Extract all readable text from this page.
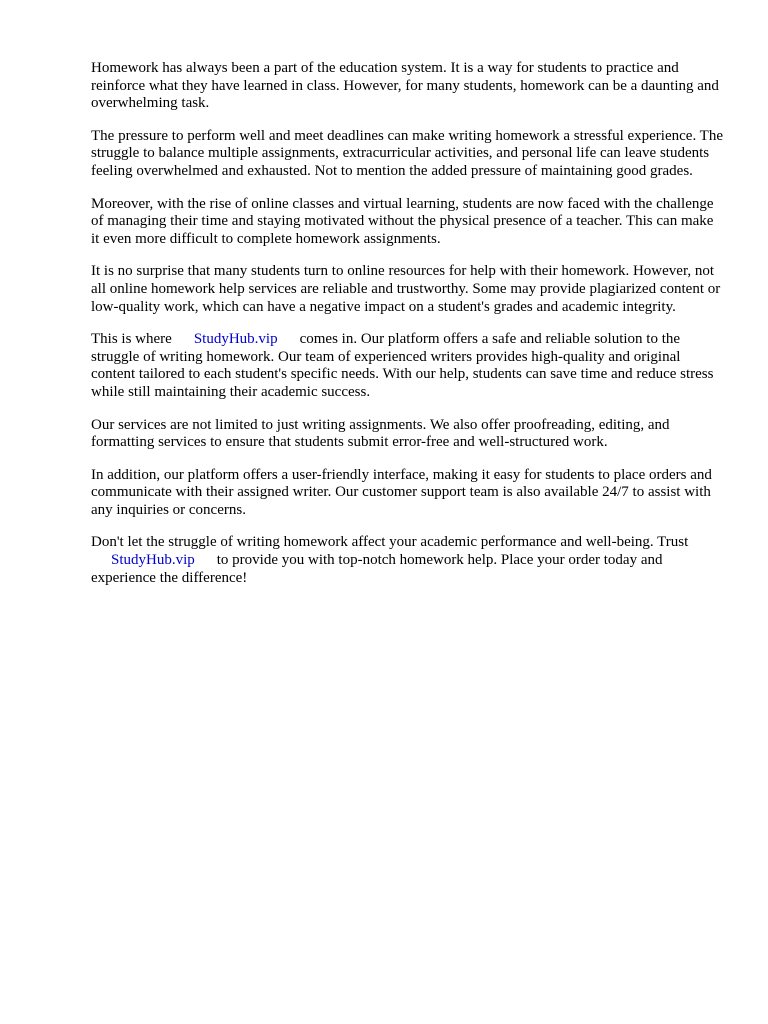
Homework has always been a part of the education system. It is a way for students to practice and reinforce what they have learned in class. However, for many students, homework can be a daunting and overwhelming task.

The pressure to perform well and meet deadlines can make writing homework a stressful experience. The struggle to balance multiple assignments, extracurricular activities, and personal life can leave students feeling overwhelmed and exhausted. Not to mention the added pressure of maintaining good grades.

Moreover, with the rise of online classes and virtual learning, students are now faced with the challenge of managing their time and staying motivated without the physical presence of a teacher. This can make it even more difficult to complete homework assignments.

It is no surprise that many students turn to online resources for help with their homework. However, not all online homework help services are reliable and trustworthy. Some may provide plagiarized content or low-quality work, which can have a negative impact on a student's grades and academic integrity.

This is where StudyHub.vip comes in. Our platform offers a safe and reliable solution to the struggle of writing homework. Our team of experienced writers provides high-quality and original content tailored to each student's specific needs. With our help, students can save time and reduce stress while still maintaining their academic success.

Our services are not limited to just writing assignments. We also offer proofreading, editing, and formatting services to ensure that students submit error-free and well-structured work.

In addition, our platform offers a user-friendly interface, making it easy for students to place orders and communicate with their assigned writer. Our customer support team is also available 24/7 to assist with any inquiries or concerns.

Don't let the struggle of writing homework affect your academic performance and well-being. Trust
StudyHub.vip to provide you with top-notch homework help. Place your order today and experience the difference!
